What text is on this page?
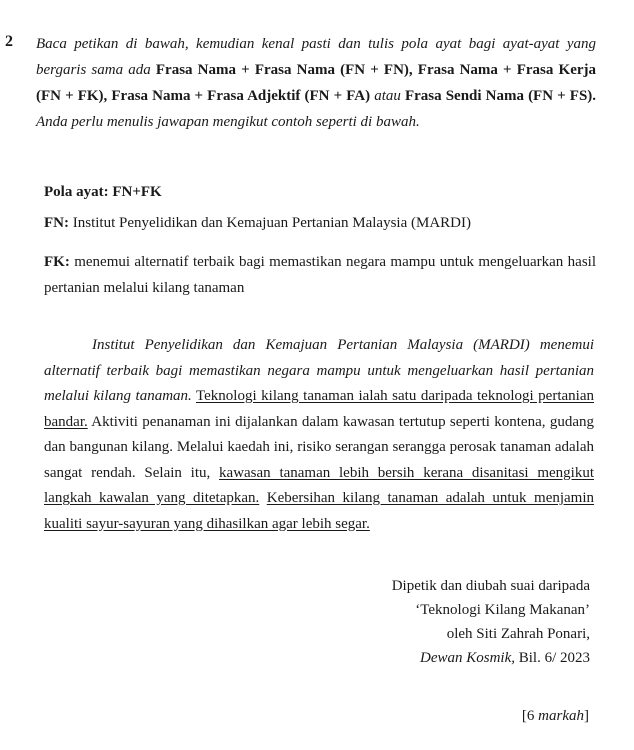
2 Baca petikan di bawah, kemudian kenal pasti dan tulis pola ayat bagi ayat-ayat yang bergaris sama ada Frasa Nama + Frasa Nama (FN + FN), Frasa Nama + Frasa Kerja (FN + FK), Frasa Nama + Frasa Adjektif (FN + FA) atau Frasa Sendi Nama (FN + FS). Anda perlu menulis jawapan mengikut contoh seperti di bawah.
Pola ayat: FN+FK
FN: Institut Penyelidikan dan Kemajuan Pertanian Malaysia (MARDI)
FK: menemui alternatif terbaik bagi memastikan negara mampu untuk mengeluarkan hasil pertanian melalui kilang tanaman
Institut Penyelidikan dan Kemajuan Pertanian Malaysia (MARDI) menemui alternatif terbaik bagi memastikan negara mampu untuk mengeluarkan hasil pertanian melalui kilang tanaman. Teknologi kilang tanaman ialah satu daripada teknologi pertanian bandar. Aktiviti penanaman ini dijalankan dalam kawasan tertutup seperti kontena, gudang dan bangunan kilang. Melalui kaedah ini, risiko serangan serangga perosak tanaman adalah sangat rendah. Selain itu, kawasan tanaman lebih bersih kerana disanitasi mengikut langkah kawalan yang ditetapkan. Kebersihan kilang tanaman adalah untuk menjamin kualiti sayur-sayuran yang dihasilkan agar lebih segar.
Dipetik dan diubah suai daripada
‘Teknologi Kilang Makanan’
oleh Siti Zahrah Ponari,
Dewan Kosmik, Bil. 6/ 2023
[6 markah]
